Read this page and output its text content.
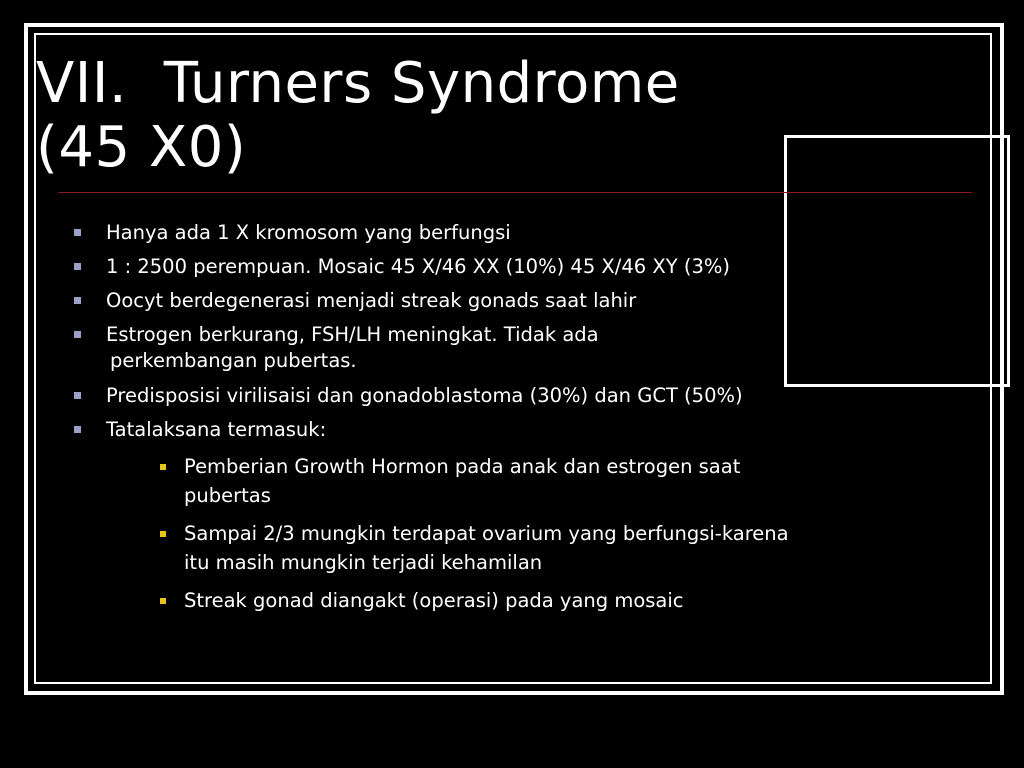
VII.  Turners Syndrome
(45 X0)
Hanya ada 1 X kromosom yang berfungsi
1 : 2500 perempuan. Mosaic 45 X/46 XX (10%) 45 X/46 XY (3%)
Oocyt berdegenerasi menjadi streak gonads saat lahir
Estrogen berkurang, FSH/LH meningkat. Tidak ada
perkembangan pubertas.
Predisposisi virilisaisi dan gonadoblastoma (30%) dan GCT (50%)
Tatalaksana termasuk:
Pemberian Growth Hormon pada anak dan estrogen saat pubertas
Sampai 2/3 mungkin terdapat ovarium yang berfungsi-karena itu masih mungkin terjadi kehamilan
Streak gonad diangakt (operasi) pada yang mosaic
